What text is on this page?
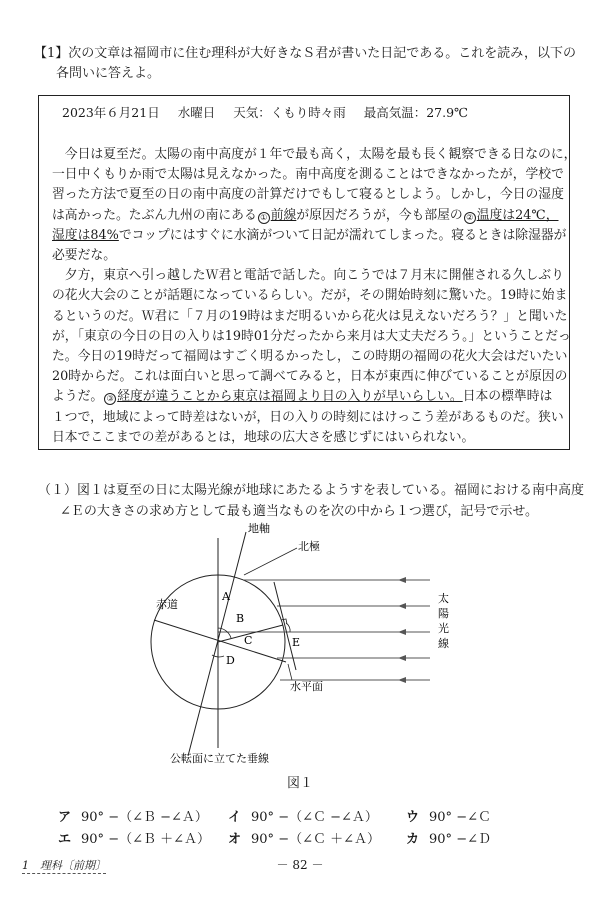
【1】次の文章は福岡市に住む理科が大好きなＳ君が書いた日記である。これを読み，以下の
各問いに答えよ。
2023年６月21日 水曜日 天気：くもり時々雨 最高気温：27.9℃
　今日は夏至だ。太陽の南中高度が１年で最も高く，太陽を最も長く観察できる日なのに，
一日中くもりか雨で太陽は見えなかった。南中高度を測ることはできなかったが，学校で
習った方法で夏至の日の南中高度の計算だけでもして寝るとしよう。しかし，今日の湿度
は高かった。たぶん九州の南にある ① 前線が原因だろうが，今も部屋の ② 温度は24℃，
湿度は84%でコップにはすぐに水滴がついて日記が濡れてしまった。寝るときは除湿器が
必要だな。
　夕方，東京へ引っ越したＷ君と電話で話した。向こうでは７月末に開催される久しぶり
の花火大会のことが話題になっているらしい。だが，その開始時刻に驚いた。19時に始ま
るというのだ。Ｗ君に「７月の19時はまだ明るいから花火は見えないだろう？」と聞いた
が，「東京の今日の日の入りは19時01分だったから来月は大丈夫だろう。」ということだっ
た。今日の19時だって福岡はすごく明るかったし，この時期の福岡の花火大会はだいたい
20時からだ。これは面白いと思って調べてみると，日本が東西に伸びていることが原因の
ようだ。 ③ 経度が違うことから東京は福岡より日の入りが早いらしい。日本の標準時は
１つで，地域によって時差はないが，日の入りの時刻にはけっこう差があるものだ。狭い
日本でここまでの差があるとは，地球の広大さを感じずにはいられない。
（１）図１は夏至の日に太陽光線が地球にあたるようすを表している。福岡における南中高度
∠Ｅの大きさの求め方として最も適当なものを次の中から１つ選び，記号で示せ。
地軸
北極
赤道
A
B
C
D
E
水平面
公転面に立てた垂線
太
陽
光
線
図１
ア 90° −（∠Ｂ −∠Ａ） イ 90° −（∠Ｃ −∠Ａ） ウ 90° −∠Ｃ
エ 90° −（∠Ｂ ＋∠Ａ） オ 90° −（∠Ｃ ＋∠Ａ） カ 90° −∠Ｄ
1　理科〔前期〕	－ 82 －
